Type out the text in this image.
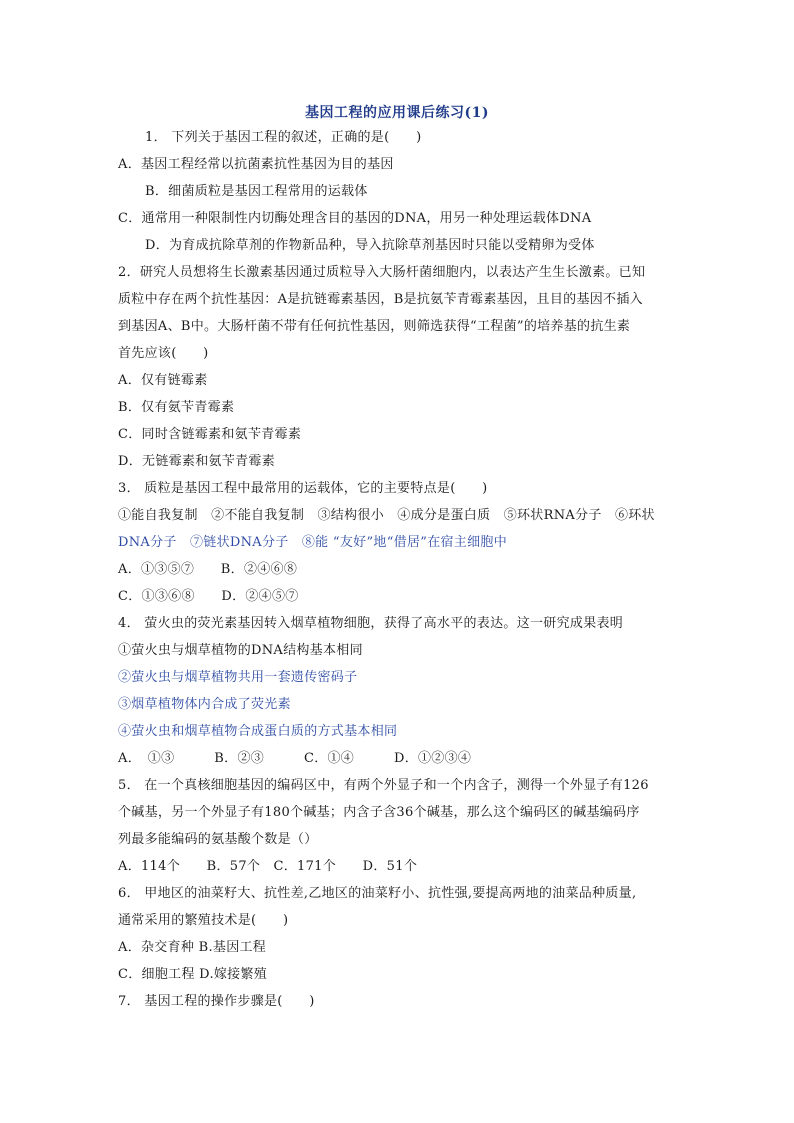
基因工程的应用课后练习(1)
1． 下列关于基因工程的叙述，正确的是(　　)
A．基因工程经常以抗菌素抗性基因为目的基因
B．细菌质粒是基因工程常用的运载体
C．通常用一种限制性内切酶处理含目的基因的DNA，用另一种处理运载体DNA
D．为育成抗除草剂的作物新品种，导入抗除草剂基因时只能以受精卵为受体
2．研究人员想将生长激素基因通过质粒导入大肠杆菌细胞内，以表达产生生长激素。已知
质粒中存在两个抗性基因：A是抗链霉素基因，B是抗氨苄青霉素基因，且目的基因不插入
到基因A、B中。大肠杆菌不带有任何抗性基因，则筛选获得“工程菌”的培养基的抗生素
首先应该(　　)
A．仅有链霉素
B．仅有氨苄青霉素
C．同时含链霉素和氨苄青霉素
D．无链霉素和氨苄青霉素
3． 质粒是基因工程中最常用的运载体，它的主要特点是(　　)
①能自我复制　②不能自我复制　③结构很小　④成分是蛋白质　⑤环状RNA分子　⑥环状
DNA分子　⑦链状DNA分子　⑧能 “友好”地“借居”在宿主细胞中
A．①③⑤⑦　　B．②④⑥⑧
C．①③⑥⑧　　D．②④⑤⑦
4． 萤火虫的荧光素基因转入烟草植物细胞，获得了高水平的表达。这一研究成果表明
①萤火虫与烟草植物的DNA结构基本相同
②萤火虫与烟草植物共用一套遗传密码子
③烟草植物体内合成了荧光素
④萤火虫和烟草植物合成蛋白质的方式基本相同
A．　①③　　　B．②③　　　C．①④　　　D．①②③④
5． 在一个真核细胞基因的编码区中，有两个外显子和一个内含子，测得一个外显子有126
个碱基，另一个外显子有180个碱基；内含子含36个碱基，那么这个编码区的碱基编码序
列最多能编码的氨基酸个数是（）
A．114个　　B．57个　C．171个　　D．51个
6． 甲地区的油菜籽大、抗性差,乙地区的油菜籽小、抗性强,要提高两地的油菜品种质量,
通常采用的繁殖技术是(　　)
A．杂交育种 B.基因工程
C．细胞工程 D.嫁接繁殖
7． 基因工程的操作步骤是(　　)
